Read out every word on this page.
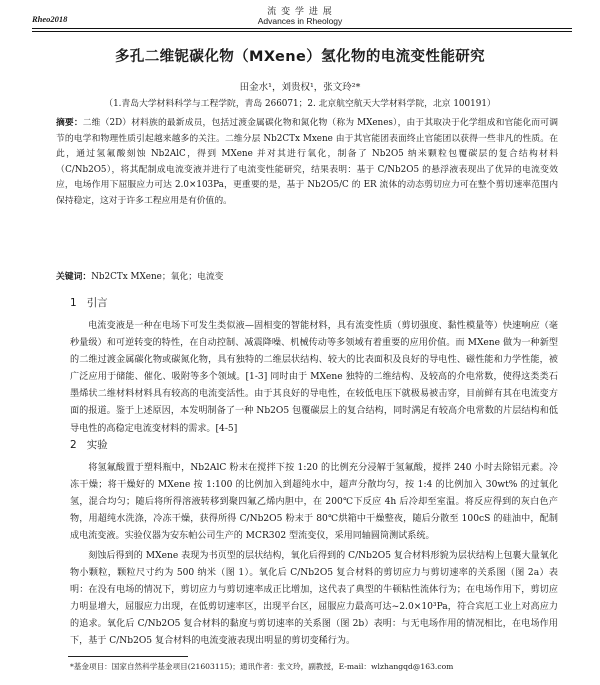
流 变 学 进 展
Rheo2018	Advances in Rheology
多孔二维铌碳化物（MXene）氢化物的电流变性能研究
田金水¹，刘贵权¹，张文玲²*
（1.青岛大学材料科学与工程学院，青岛 266071；2. 北京航空航天大学材料学院，北京 100191）
摘要：二维（2D）材料族的最新成员，包括过渡金属碳化物和氮化物（称为 MXenes），由于其取决于化学组成和官能化而可调节的电学和物理性质引起越来越多的关注。二维分层 Nb2CTx Mxene 由于其官能团表面终止官能团以获得一些非凡的性质。在此，通过氢氟酸刻蚀 Nb2AlC，得到 MXene 并对其进行氧化，制备了 Nb2O5 纳米颗粒包覆碳层的复合结构材料（C/Nb2O5），将其配制成电流变液并进行了电流变性能研究，结果表明：基于 C/Nb2O5 的悬浮液表现出了优异的电流变效应，电场作用下屈服应力可达 2.0×103Pa，更重要的是，基于 Nb2O5/C 的 ER 流体的动态剪切应力可在整个剪切速率范围内保持稳定，这对于许多工程应用是有价值的。
关键词：Nb2CTx MXene；氧化；电流变
1 引言
电流变液是一种在电场下可发生类似液—固相变的智能材料，具有流变性质（剪切强度、黏性模量等）快速响应（毫秒量级）和可逆转变的特性，在自动控制、减震降噪、机械传动等多领域有着重要的应用价值。而 MXene 做为一种新型的二维过渡金属碳化物或碳氮化物，具有独特的二维层状结构、较大的比表面积及良好的导电性、磁性能和力学性能，被广泛应用于储能、催化、吸附等多个领域。[1-3] 同时由于 MXene 独特的二维结构、及较高的介电常数，使得这类类石墨烯状二维材料材料具有较高的电流变活性。由于其良好的导电性，在较低电压下就极易被击穿，目前鲜有其在电流变方面的报道。鉴于上述原因，本发明制备了一种 Nb2O5 包覆碳层上的复合结构，同时满足有较高介电常数的片层结构和低导电性的高稳定电流变材料的需求。[4-5]
2 实验
将氢氟酸置于塑料瓶中，Nb2AlC 粉末在搅拌下按 1:20 的比例充分浸解于氢氟酸，搅拌 240 小时去除铝元素。冷冻干燥；将干燥好的 MXene 按 1:100 的比例加入到超纯水中，超声分散均匀，按 1:4 的比例加入 30wt% 的过氧化氢，混合均匀；随后将所得溶液转移到聚四氟乙烯内胆中，在 200℃下反应 4h 后冷却至室温。将反应得到的灰白色产物，用超纯水洗涤，冷冻干燥，获得所得 C/Nb2O5 粉末于 80℃烘箱中干燥整夜，随后分散至 100cS 的硅油中，配制成电流变液。实验仪器为安东帕公司生产的 MCR302 型流变仪，采用同轴圆筒测试系统。
刻蚀后得到的 MXene 表现为书页型的层状结构，氧化后得到的 C/Nb2O5 复合材料形貌为层状结构上包裹大量氧化物小颗粒，颗粒尺寸约为 500 纳米（图 1）。氧化后 C/Nb2O5 复合材料的剪切应力与剪切速率的关系图（图 2a）表明：在没有电场的情况下，剪切应力与剪切速率成正比增加，这代表了典型的牛顿粘性流体行为；在电场作用下，剪切应力明显增大，屈服应力出现，在低剪切速率区，出现平台区，屈服应力最高可达~2.0×10³Pa，符合宾厄工业上对高应力的追求。氧化后 C/Nb2O5 复合材料的黏度与剪切速率的关系图（图 2b）表明：与无电场作用的情况相比，在电场作用下，基于 C/Nb2O5 复合材料的电流变液表现出明显的剪切变稀行为。
*基金项目：国家自然科学基金项目(21603115)；通讯作者：张文玲，副教授，E-mail：wlzhangqd@163.com
